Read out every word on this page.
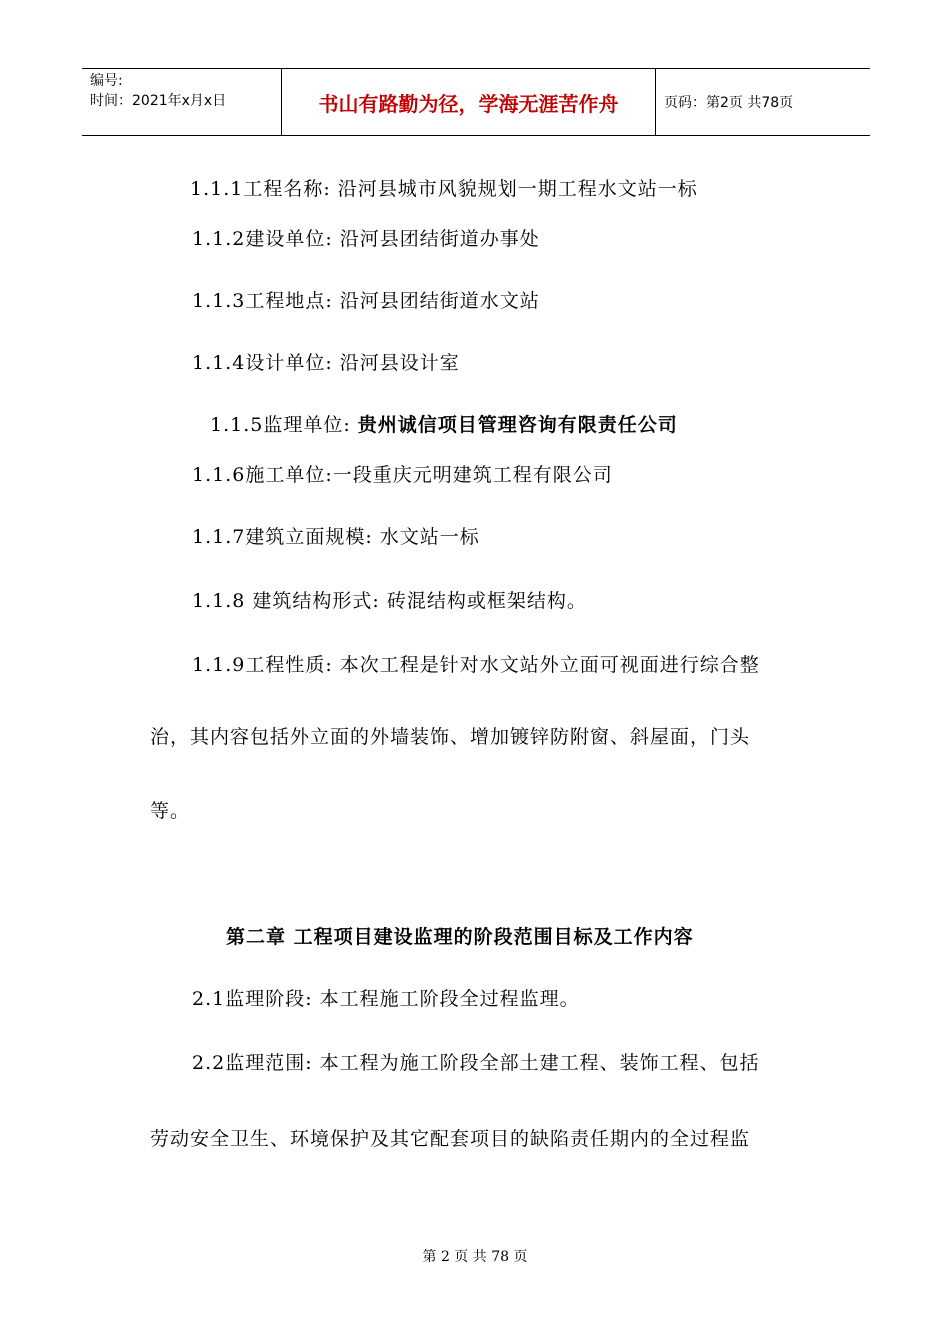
编号:
时间：2021年x月x日	书山有路勤为径，学海无涯苦作舟	页码：第2页 共78页
1.1.1工程名称: 沿河县城市风貌规划一期工程水文站一标
1.1.2建设单位: 沿河县团结街道办事处
1.1.3工程地点: 沿河县团结街道水文站
1.1.4设计单位: 沿河县设计室
1.1.5监理单位: 贵州诚信项目管理咨询有限责任公司
1.1.6施工单位:一段重庆元明建筑工程有限公司
1.1.7建筑立面规模: 水文站一标
1.1.8 建筑结构形式: 砖混结构或框架结构。
1.1.9工程性质: 本次工程是针对水文站外立面可视面进行综合整
治，其内容包括外立面的外墙装饰、增加镀锌防附窗、斜屋面，门头
等。
第二章 工程项目建设监理的阶段范围目标及工作内容
2.1监理阶段: 本工程施工阶段全过程监理。
2.2监理范围: 本工程为施工阶段全部土建工程、装饰工程、包括
劳动安全卫生、环境保护及其它配套项目的缺陷责任期内的全过程监
第 2 页 共 78 页
